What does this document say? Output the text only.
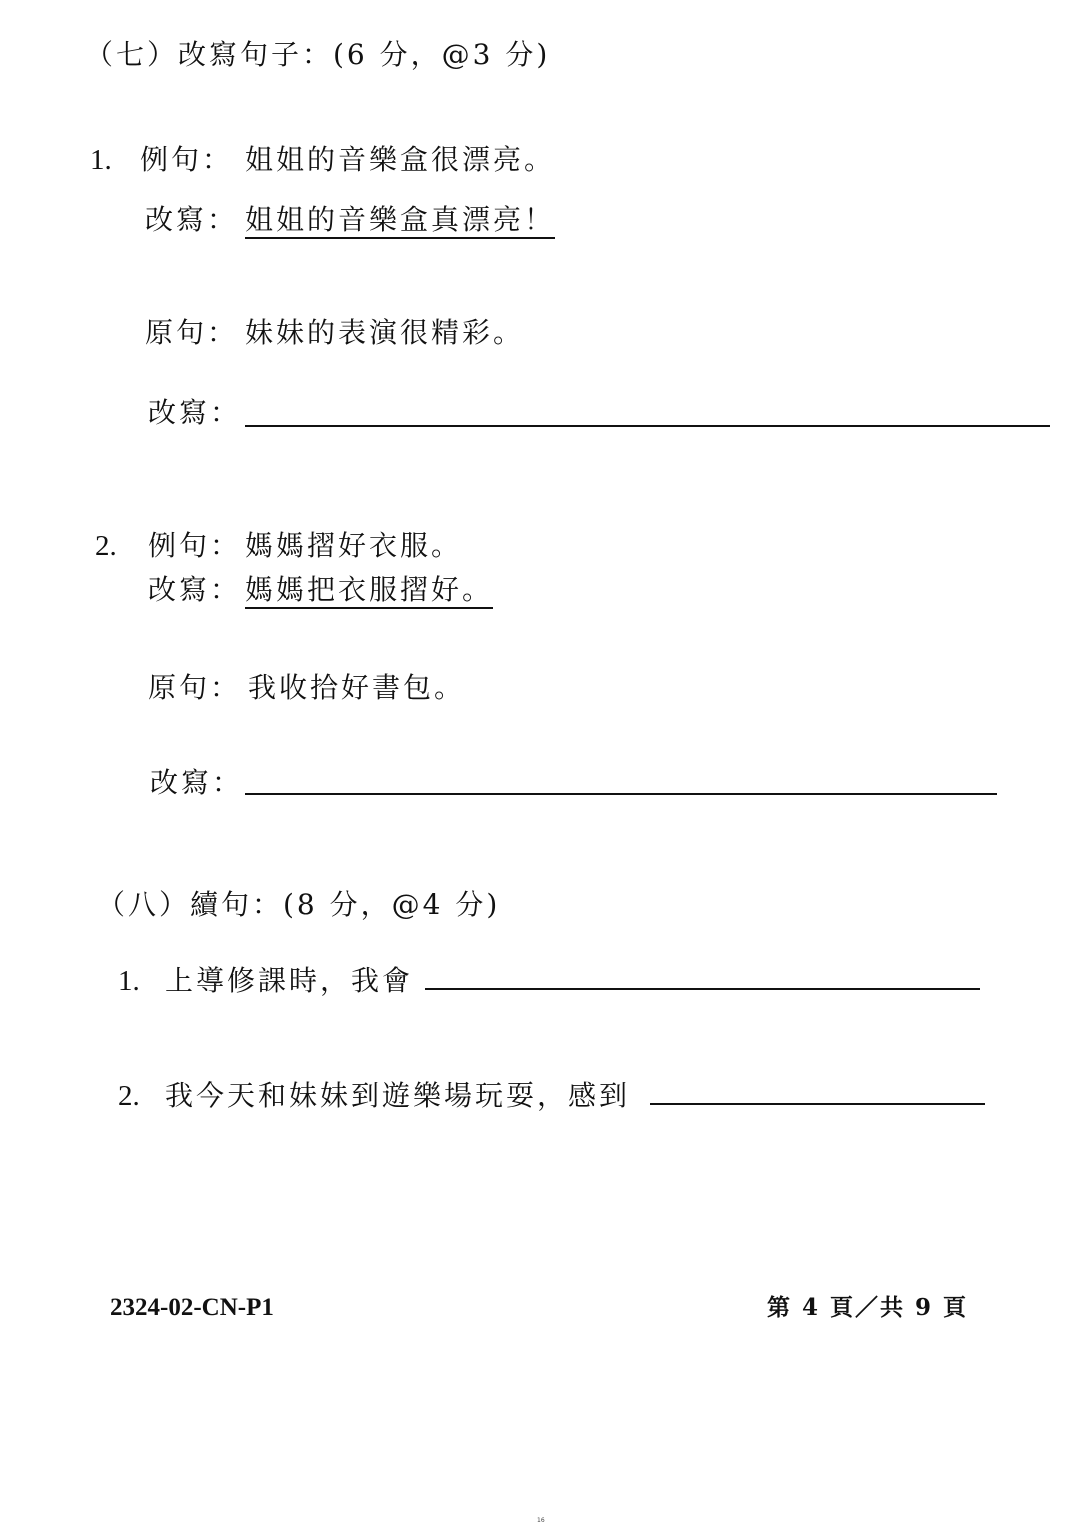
（七）改寫句子：(6 分，@3 分)
1. 例句： 姐姐的音樂盒很漂亮。
改寫： 姐姐的音樂盒真漂亮！
原句： 妹妹的表演很精彩。
改寫：
2. 例句： 媽媽摺好衣服。
改寫： 媽媽把衣服摺好。
原句： 我收拾好書包。
改寫：
（八）續句：(8 分，@4 分)
1. 上導修課時，我會
2. 我今天和妹妹到遊樂場玩耍，感到
2324-02-CN-P1	第 4 頁／共 9 頁
16
